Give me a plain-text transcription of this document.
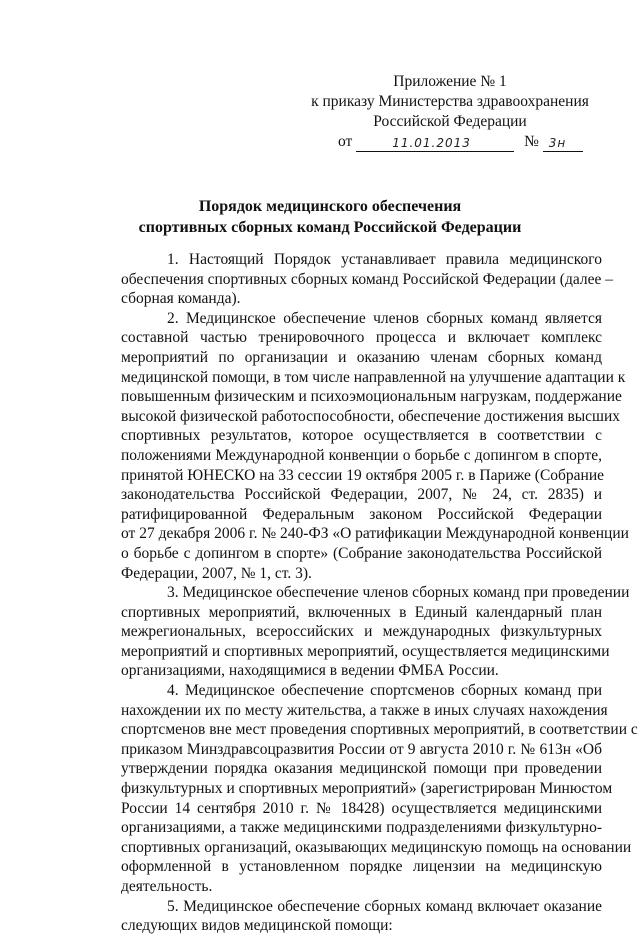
Приложение № 1
к приказу Министерства здравоохранения
Российской Федерации
от	11.01.2013	№ 3н
Порядок медицинского обеспечения
спортивных сборных команд Российской Федерации
1. Настоящий Порядок устанавливает правила медицинского
обеспечения спортивных сборных команд Российской Федерации (далее –
сборная команда).
2. Медицинское обеспечение членов сборных команд является
составной частью тренировочного процесса и включает комплекс
мероприятий по организации и оказанию членам сборных команд
медицинской помощи, в том числе направленной на улучшение адаптации к
повышенным физическим и психоэмоциональным нагрузкам, поддержание
высокой физической работоспособности, обеспечение достижения высших
спортивных результатов, которое осуществляется в соответствии с
положениями Международной конвенции о борьбе с допингом в спорте,
принятой ЮНЕСКО на 33 сессии 19 октября 2005 г. в Париже (Собрание
законодательства Российской Федерации, 2007, № 24, ст. 2835) и
ратифицированной Федеральным законом Российской Федерации
от 27 декабря 2006 г. № 240-ФЗ «О ратификации Международной конвенции
о борьбе с допингом в спорте» (Собрание законодательства Российской
Федерации, 2007, № 1, ст. 3).
3. Медицинское обеспечение членов сборных команд при проведении
спортивных мероприятий, включенных в Единый календарный план
межрегиональных, всероссийских и международных физкультурных
мероприятий и спортивных мероприятий, осуществляется медицинскими
организациями, находящимися в ведении ФМБА России.
4. Медицинское обеспечение спортсменов сборных команд при
нахождении их по месту жительства, а также в иных случаях нахождения
спортсменов вне мест проведения спортивных мероприятий, в соответствии с
приказом Минздравсоцразвития России от 9 августа 2010 г. № 613н «Об
утверждении порядка оказания медицинской помощи при проведении
физкультурных и спортивных мероприятий» (зарегистрирован Минюстом
России 14 сентября 2010 г. № 18428) осуществляется медицинскими
организациями, а также медицинскими подразделениями физкультурно-
спортивных организаций, оказывающих медицинскую помощь на основании
оформленной в установленном порядке лицензии на медицинскую
деятельность.
5. Медицинское обеспечение сборных команд включает оказание
следующих видов медицинской помощи:
